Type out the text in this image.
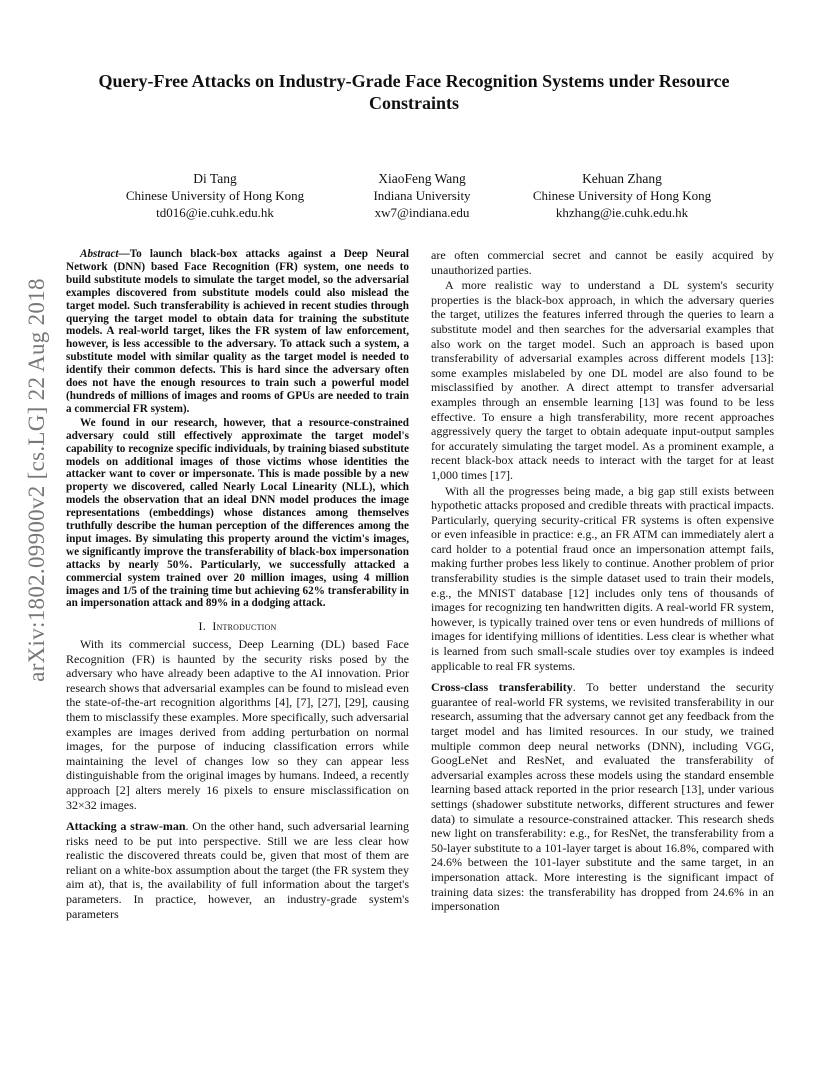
arXiv:1802.09900v2 [cs.LG] 22 Aug 2018
Query-Free Attacks on Industry-Grade Face Recognition Systems under Resource Constraints
Di Tang
Chinese University of Hong Kong
td016@ie.cuhk.edu.hk
XiaoFeng Wang
Indiana University
xw7@indiana.edu
Kehuan Zhang
Chinese University of Hong Kong
khzhang@ie.cuhk.edu.hk

Abstract—To launch black-box attacks against a Deep Neural Network (DNN) based Face Recognition (FR) system, one needs to build substitute models to simulate the target model, so the adversarial examples discovered from substitute models could also mislead the target model. Such transferability is achieved in recent studies through querying the target model to obtain data for training the substitute models. A real-world target, likes the FR system of law enforcement, however, is less accessible to the adversary. To attack such a system, a substitute model with similar quality as the target model is needed to identify their common defects. This is hard since the adversary often does not have the enough resources to train such a powerful model (hundreds of millions of images and rooms of GPUs are needed to train a commercial FR system).

We found in our research, however, that a resource-constrained adversary could still effectively approximate the target model's capability to recognize specific individuals, by training biased substitute models on additional images of those victims whose identities the attacker want to cover or impersonate. This is made possible by a new property we discovered, called Nearly Local Linearity (NLL), which models the observation that an ideal DNN model produces the image representations (embeddings) whose distances among themselves truthfully describe the human perception of the differences among the input images. By simulating this property around the victim's images, we significantly improve the transferability of black-box impersonation attacks by nearly 50%. Particularly, we successfully attacked a commercial system trained over 20 million images, using 4 million images and 1/5 of the training time but achieving 62% transferability in an impersonation attack and 89% in a dodging attack.

I. Introduction

With its commercial success, Deep Learning (DL) based Face Recognition (FR) is haunted by the security risks posed by the adversary who have already been adaptive to the AI innovation. Prior research shows that adversarial examples can be found to mislead even the state-of-the-art recognition algorithms [4], [7], [27], [29], causing them to misclassify these examples. More specifically, such adversarial examples are images derived from adding perturbation on normal images, for the purpose of inducing classification errors while maintaining the level of changes low so they can appear less distinguishable from the original images by humans. Indeed, a recently approach [2] alters merely 16 pixels to ensure misclassification on 32×32 images.

Attacking a straw-man. On the other hand, such adversarial learning risks need to be put into perspective. Still we are less clear how realistic the discovered threats could be, given that most of them are reliant on a white-box assumption about the target (the FR system they aim at), that is, the availability of full information about the target's parameters. In practice, however, an industry-grade system's parameters

are often commercial secret and cannot be easily acquired by unauthorized parties.

A more realistic way to understand a DL system's security properties is the black-box approach, in which the adversary queries the target, utilizes the features inferred through the queries to learn a substitute model and then searches for the adversarial examples that also work on the target model. Such an approach is based upon transferability of adversarial examples across different models [13]: some examples mislabeled by one DL model are also found to be misclassified by another. A direct attempt to transfer adversarial examples through an ensemble learning [13] was found to be less effective. To ensure a high transferability, more recent approaches aggressively query the target to obtain adequate input-output samples for accurately simulating the target model. As a prominent example, a recent black-box attack needs to interact with the target for at least 1,000 times [17].

With all the progresses being made, a big gap still exists between hypothetic attacks proposed and credible threats with practical impacts. Particularly, querying security-critical FR systems is often expensive or even infeasible in practice: e.g., an FR ATM can immediately alert a card holder to a potential fraud once an impersonation attempt fails, making further probes less likely to continue. Another problem of prior transferability studies is the simple dataset used to train their models, e.g., the MNIST database [12] includes only tens of thousands of images for recognizing ten handwritten digits. A real-world FR system, however, is typically trained over tens or even hundreds of millions of images for identifying millions of identities. Less clear is whether what is learned from such small-scale studies over toy examples is indeed applicable to real FR systems.

Cross-class transferability. To better understand the security guarantee of real-world FR systems, we revisited transferability in our research, assuming that the adversary cannot get any feedback from the target model and has limited resources. In our study, we trained multiple common deep neural networks (DNN), including VGG, GoogLeNet and ResNet, and evaluated the transferability of adversarial examples across these models using the standard ensemble learning based attack reported in the prior research [13], under various settings (shadower substitute networks, different structures and fewer data) to simulate a resource-constrained attacker. This research sheds new light on transferability: e.g., for ResNet, the transferability from a 50-layer substitute to a 101-layer target is about 16.8%, compared with 24.6% between the 101-layer substitute and the same target, in an impersonation attack. More interesting is the significant impact of training data sizes: the transferability has dropped from 24.6% in an impersonation
